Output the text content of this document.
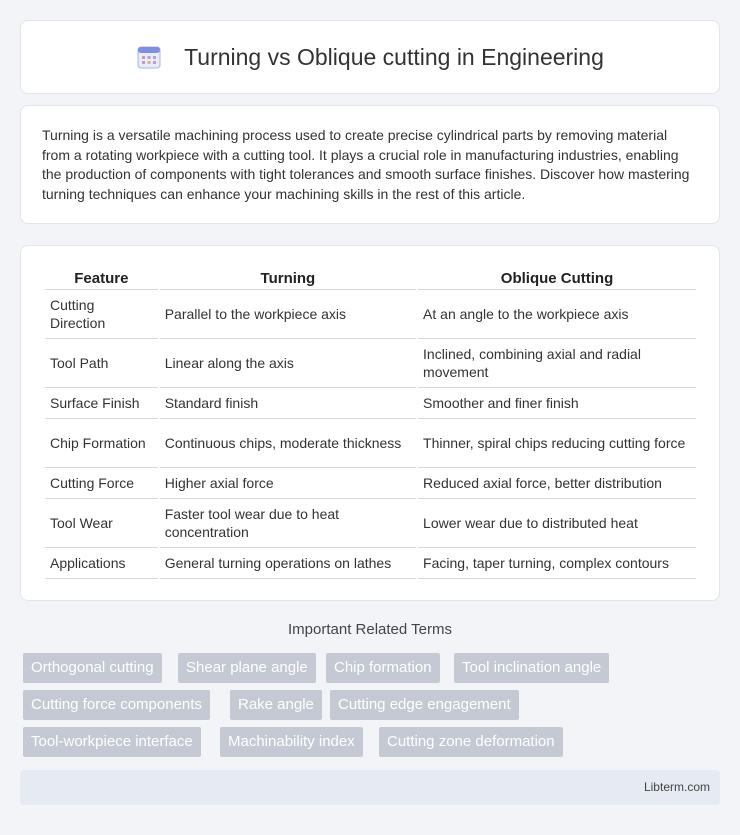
Turning vs Oblique cutting in Engineering

Turning is a versatile machining process used to create precise cylindrical parts by removing material from a rotating workpiece with a cutting tool. It plays a crucial role in manufacturing industries, enabling the production of components with tight tolerances and smooth surface finishes. Discover how mastering turning techniques can enhance your machining skills in the rest of this article.

Feature	Turning	Oblique Cutting
Cutting Direction	Parallel to the workpiece axis	At an angle to the workpiece axis
Tool Path	Linear along the axis	Inclined, combining axial and radial movement
Surface Finish	Standard finish	Smoother and finer finish
Chip Formation	Continuous chips, moderate thickness	Thinner, spiral chips reducing cutting force
Cutting Force	Higher axial force	Reduced axial force, better distribution
Tool Wear	Faster tool wear due to heat concentration	Lower wear due to distributed heat
Applications	General turning operations on lathes	Facing, taper turning, complex contours
Important Related Terms
Orthogonal cutting	Shear plane angle	Chip formation	Tool inclination angle
Cutting force components	Rake angle	Cutting edge engagement
Tool-workpiece interface	Machinability index	Cutting zone deformation
Libterm.com
